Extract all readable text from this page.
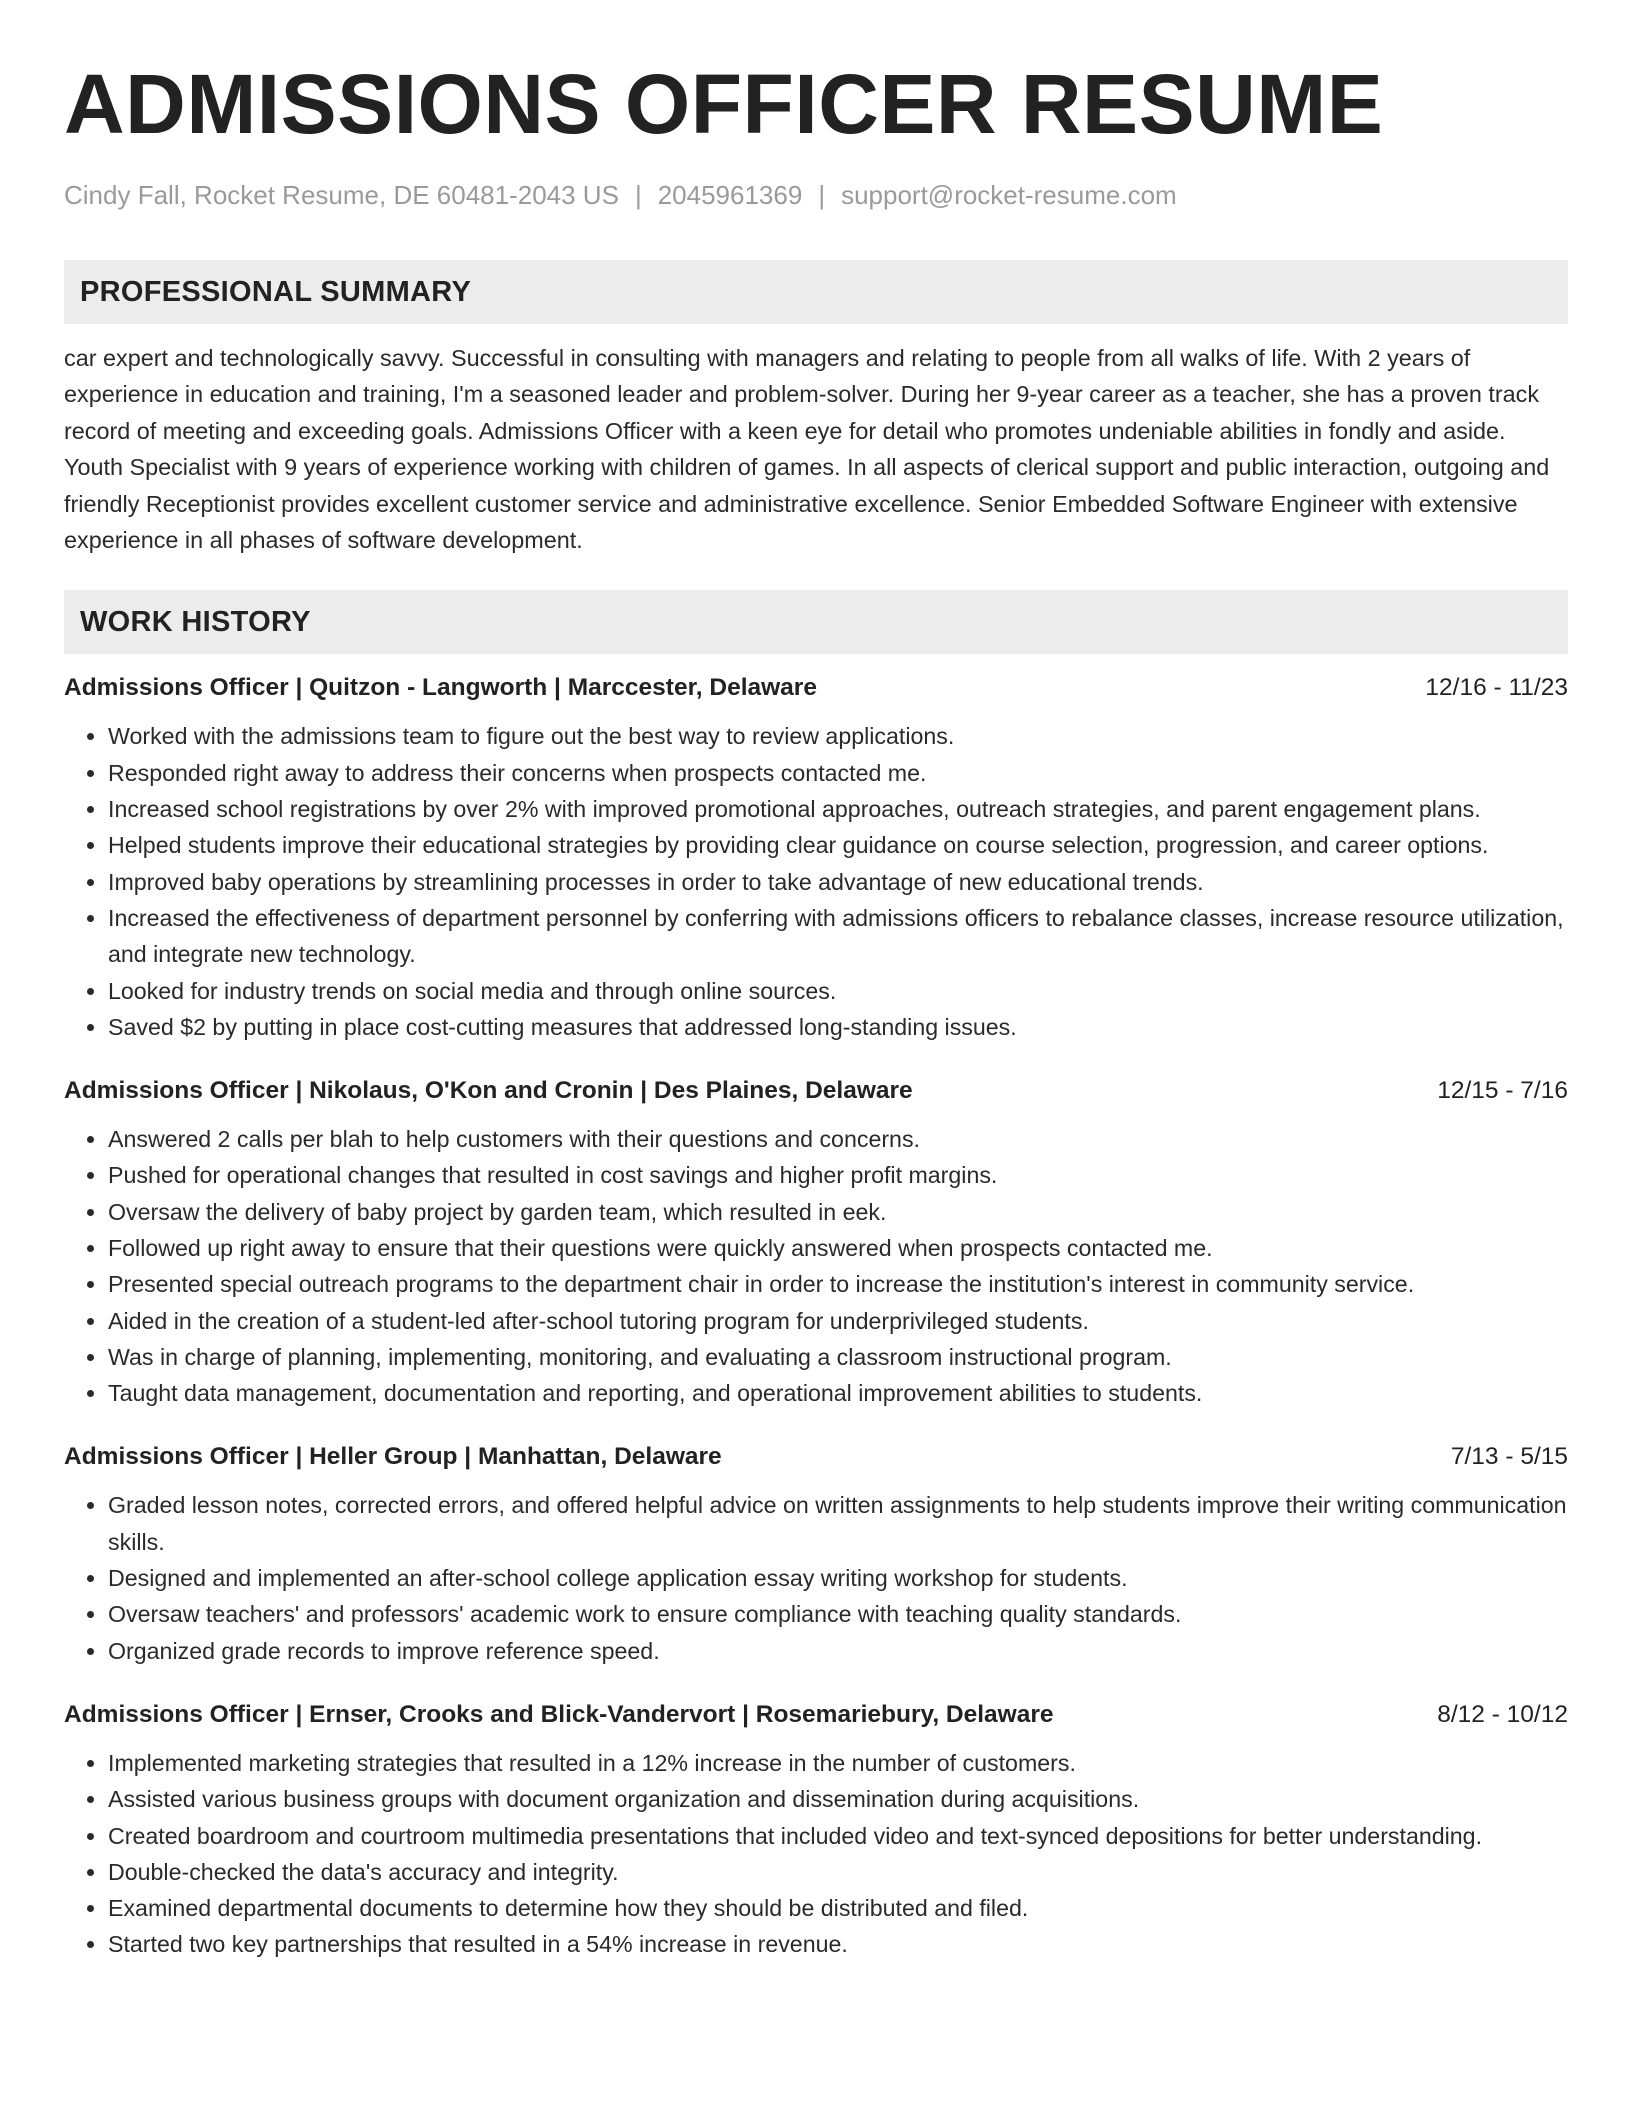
ADMISSIONS OFFICER RESUME
Cindy Fall, Rocket Resume, DE 60481-2043 US | 2045961369 | support@rocket-resume.com
PROFESSIONAL SUMMARY
car expert and technologically savvy. Successful in consulting with managers and relating to people from all walks of life. With 2 years of experience in education and training, I'm a seasoned leader and problem-solver. During her 9-year career as a teacher, she has a proven track record of meeting and exceeding goals. Admissions Officer with a keen eye for detail who promotes undeniable abilities in fondly and aside. Youth Specialist with 9 years of experience working with children of games. In all aspects of clerical support and public interaction, outgoing and friendly Receptionist provides excellent customer service and administrative excellence. Senior Embedded Software Engineer with extensive experience in all phases of software development.
WORK HISTORY
Admissions Officer | Quitzon - Langworth | Marccester, Delaware	12/16 - 11/23
• Worked with the admissions team to figure out the best way to review applications.
• Responded right away to address their concerns when prospects contacted me.
• Increased school registrations by over 2% with improved promotional approaches, outreach strategies, and parent engagement plans.
• Helped students improve their educational strategies by providing clear guidance on course selection, progression, and career options.
• Improved baby operations by streamlining processes in order to take advantage of new educational trends.
• Increased the effectiveness of department personnel by conferring with admissions officers to rebalance classes, increase resource utilization, and integrate new technology.
• Looked for industry trends on social media and through online sources.
• Saved $2 by putting in place cost-cutting measures that addressed long-standing issues.
Admissions Officer | Nikolaus, O'Kon and Cronin | Des Plaines, Delaware	12/15 - 7/16
• Answered 2 calls per blah to help customers with their questions and concerns.
• Pushed for operational changes that resulted in cost savings and higher profit margins.
• Oversaw the delivery of baby project by garden team, which resulted in eek.
• Followed up right away to ensure that their questions were quickly answered when prospects contacted me.
• Presented special outreach programs to the department chair in order to increase the institution's interest in community service.
• Aided in the creation of a student-led after-school tutoring program for underprivileged students.
• Was in charge of planning, implementing, monitoring, and evaluating a classroom instructional program.
• Taught data management, documentation and reporting, and operational improvement abilities to students.
Admissions Officer | Heller Group | Manhattan, Delaware	7/13 - 5/15
• Graded lesson notes, corrected errors, and offered helpful advice on written assignments to help students improve their writing communication skills.
• Designed and implemented an after-school college application essay writing workshop for students.
• Oversaw teachers' and professors' academic work to ensure compliance with teaching quality standards.
• Organized grade records to improve reference speed.
Admissions Officer | Ernser, Crooks and Blick-Vandervort | Rosemariebury, Delaware	8/12 - 10/12
• Implemented marketing strategies that resulted in a 12% increase in the number of customers.
• Assisted various business groups with document organization and dissemination during acquisitions.
• Created boardroom and courtroom multimedia presentations that included video and text-synced depositions for better understanding.
• Double-checked the data's accuracy and integrity.
• Examined departmental documents to determine how they should be distributed and filed.
• Started two key partnerships that resulted in a 54% increase in revenue.
